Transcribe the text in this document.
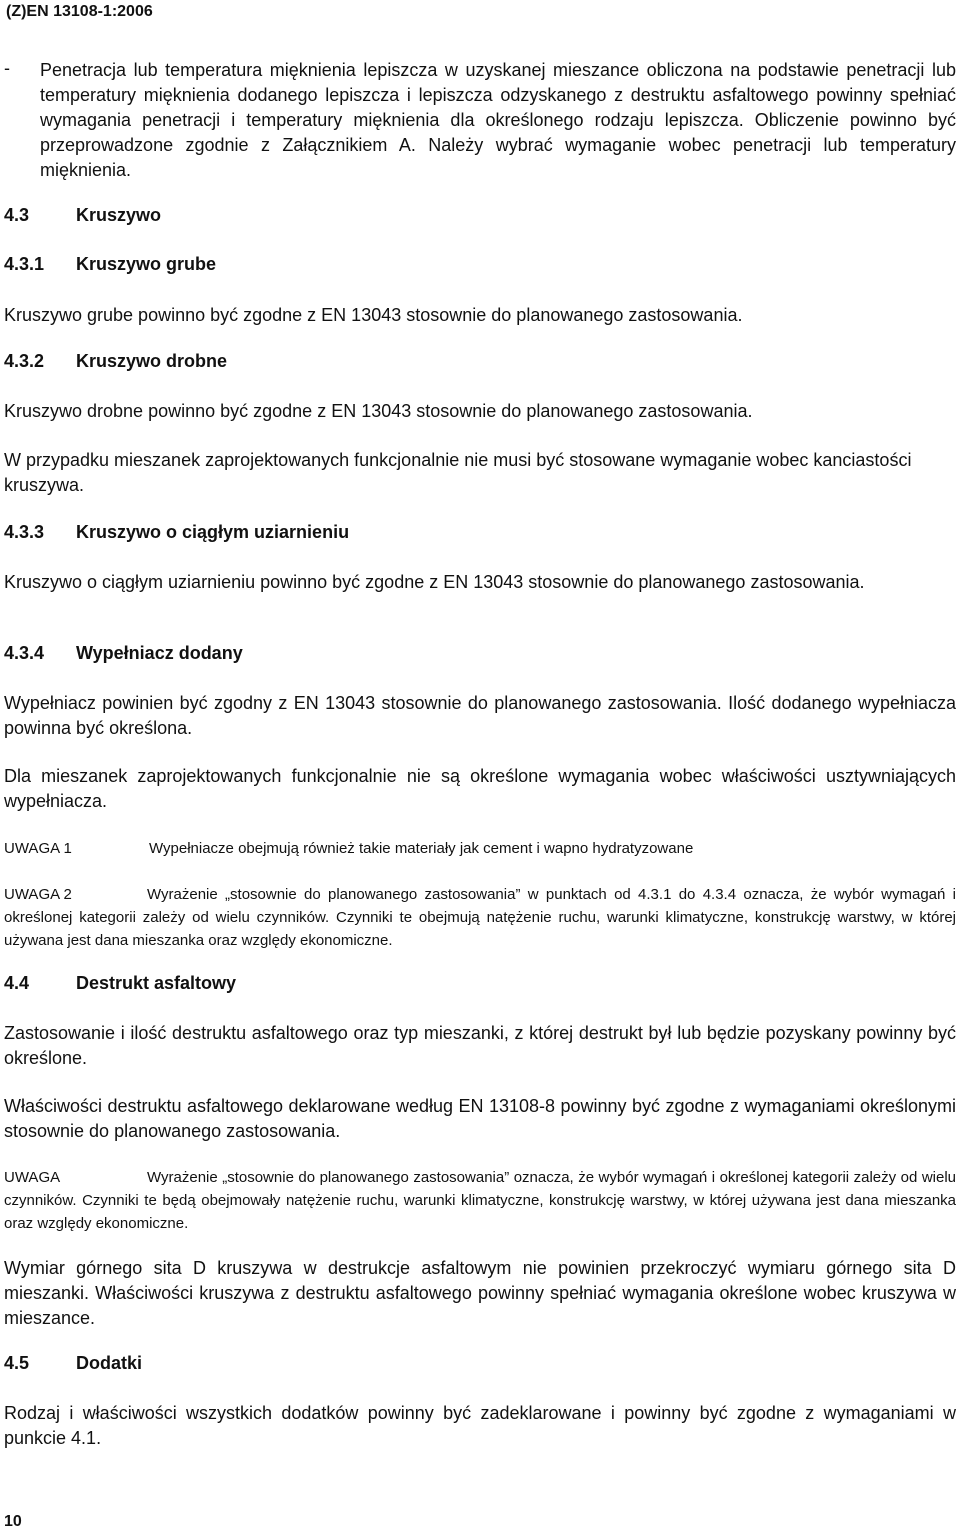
(Z)EN 13108-1:2006
- Penetracja lub temperatura mięknienia lepiszcza w uzyskanej mieszance obliczona na podstawie penetracji lub temperatury mięknienia dodanego lepiszcza i lepiszcza odzyskanego z destruktu asfaltowego powinny spełniać wymagania penetracji i temperatury mięknienia dla określonego rodzaju lepiszcza. Obliczenie powinno być przeprowadzone zgodnie z Załącznikiem A. Należy wybrać wymaganie wobec penetracji lub temperatury mięknienia.

4.3	Kruszywo
4.3.1 Kruszywo grube

Kruszywo grube powinno być zgodne z EN 13043 stosownie do planowanego zastosowania.

4.3.2 Kruszywo drobne

Kruszywo drobne powinno być zgodne z EN 13043 stosownie do planowanego zastosowania.

W przypadku mieszanek zaprojektowanych funkcjonalnie nie musi być stosowane wymaganie wobec kanciastości kruszywa.

4.3.3 Kruszywo o ciągłym uziarnieniu

Kruszywo o ciągłym uziarnieniu powinno być zgodne z EN 13043 stosownie do planowanego zastosowania.

4.3.4 Wypełniacz dodany

Wypełniacz powinien być zgodny z EN 13043 stosownie do planowanego zastosowania. Ilość dodanego wypełniacza powinna być określona.

Dla mieszanek zaprojektowanych funkcjonalnie nie są określone wymagania wobec właściwości usztywniających wypełniacza.

UWAGA 1	Wypełniacze obejmują również takie materiały jak cement i wapno hydratyzowane

UWAGA 2	Wyrażenie „stosownie do planowanego zastosowania” w punktach od 4.3.1 do 4.3.4 oznacza, że wybór wymagań i określonej kategorii zależy od wielu czynników. Czynniki te obejmują natężenie ruchu, warunki klimatyczne, konstrukcję warstwy, w której używana jest dana mieszanka oraz względy ekonomiczne.

4.4	Destrukt asfaltowy

Zastosowanie i ilość destruktu asfaltowego oraz typ mieszanki, z której destrukt był lub będzie pozyskany powinny być określone.

Właściwości destruktu asfaltowego deklarowane według EN 13108-8 powinny być zgodne z wymaganiami określonymi stosownie do planowanego zastosowania.

UWAGA	Wyrażenie „stosownie do planowanego zastosowania” oznacza, że wybór wymagań i określonej kategorii zależy od wielu czynników. Czynniki te będą obejmowały natężenie ruchu, warunki klimatyczne, konstrukcję warstwy, w której używana jest dana mieszanka oraz względy ekonomiczne.

Wymiar górnego sita D kruszywa w destrukcje asfaltowym nie powinien przekroczyć wymiaru górnego sita D mieszanki. Właściwości kruszywa z destruktu asfaltowego powinny spełniać wymagania określone wobec kruszywa w mieszance.

4.5	Dodatki

Rodzaj i właściwości wszystkich dodatków powinny być zadeklarowane i powinny być zgodne z wymaganiami w punkcie 4.1.

10
